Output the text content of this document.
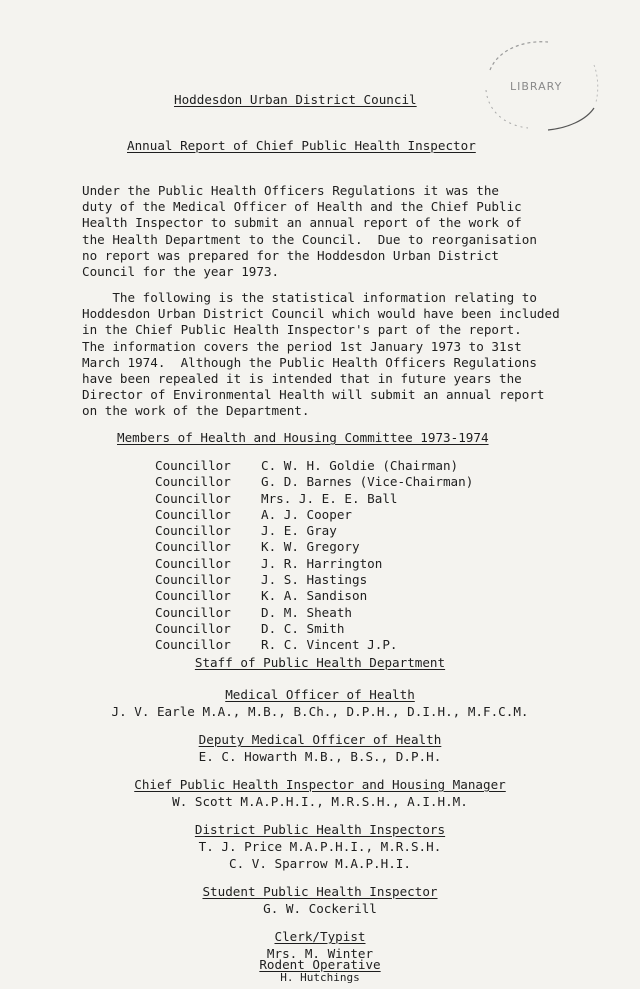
LIBRARY
Hoddesdon Urban District Council
Annual Report of Chief Public Health Inspector
Under the Public Health Officers Regulations it was the
duty of the Medical Officer of Health and the Chief Public
Health Inspector to submit an annual report of the work of
the Health Department to the Council.  Due to reorganisation
no report was prepared for the Hoddesdon Urban District
Council for the year 1973.
The following is the statistical information relating to
Hoddesdon Urban District Council which would have been included
in the Chief Public Health Inspector's part of the report.
The information covers the period 1st January 1973 to 31st
March 1974.  Although the Public Health Officers Regulations
have been repealed it is intended that in future years the
Director of Environmental Health will submit an annual report
on the work of the Department.
Members of Health and Housing Committee 1973-1974
Councillor C. W. H. Goldie (Chairman)
Councillor G. D. Barnes (Vice-Chairman)
Councillor Mrs. J. E. E. Ball
Councillor A. J. Cooper
Councillor J. E. Gray
Councillor K. W. Gregory
Councillor J. R. Harrington
Councillor J. S. Hastings
Councillor K. A. Sandison
Councillor D. M. Sheath
Councillor D. C. Smith
Councillor R. C. Vincent J.P.
Staff of Public Health Department
Medical Officer of Health
J. V. Earle M.A., M.B., B.Ch., D.P.H., D.I.H., M.F.C.M.
Deputy Medical Officer of Health
E. C. Howarth M.B., B.S., D.P.H.
Chief Public Health Inspector and Housing Manager
W. Scott M.A.P.H.I., M.R.S.H., A.I.H.M.
District Public Health Inspectors
T. J. Price M.A.P.H.I., M.R.S.H.
C. V. Sparrow M.A.P.H.I.
Student Public Health Inspector
G. W. Cockerill
Clerk/Typist
Mrs. M. Winter
Rodent Operative
H. Hutchings
